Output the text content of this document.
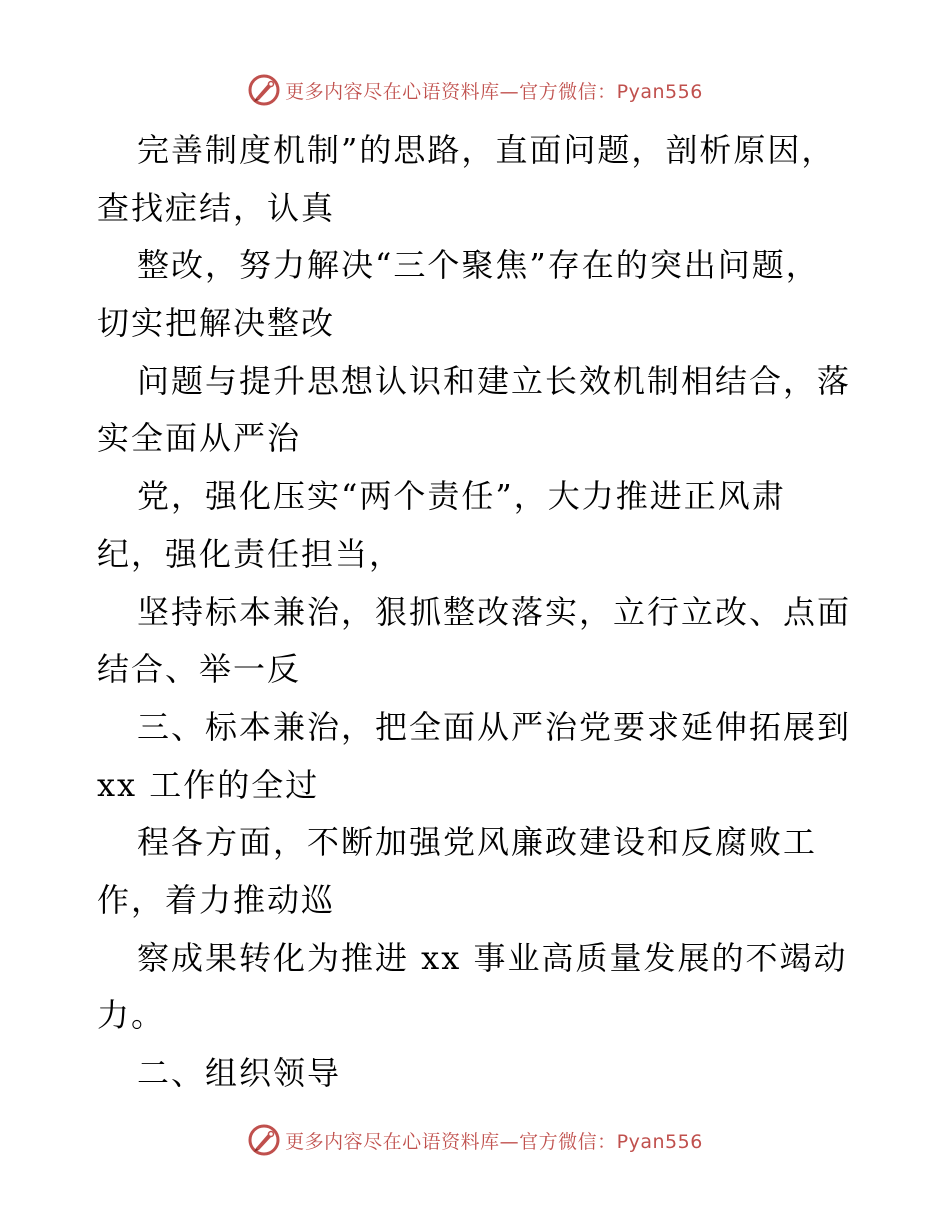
更多内容尽在心语资料库—官方微信：Pyan556
完善制度机制”的思路，直面问题，剖析原因，
查找症结，认真
整改，努力解决“三个聚焦”存在的突出问题，
切实把解决整改
问题与提升思想认识和建立长效机制相结合，落
实全面从严治
党，强化压实“两个责任”，大力推进正风肃
纪，强化责任担当，
坚持标本兼治，狠抓整改落实，立行立改、点面
结合、举一反
三、标本兼治，把全面从严治党要求延伸拓展到
xx 工作的全过
程各方面，不断加强党风廉政建设和反腐败工
作，着力推动巡
察成果转化为推进 xx 事业高质量发展的不竭动
力。
二、组织领导
更多内容尽在心语资料库—官方微信：Pyan556
